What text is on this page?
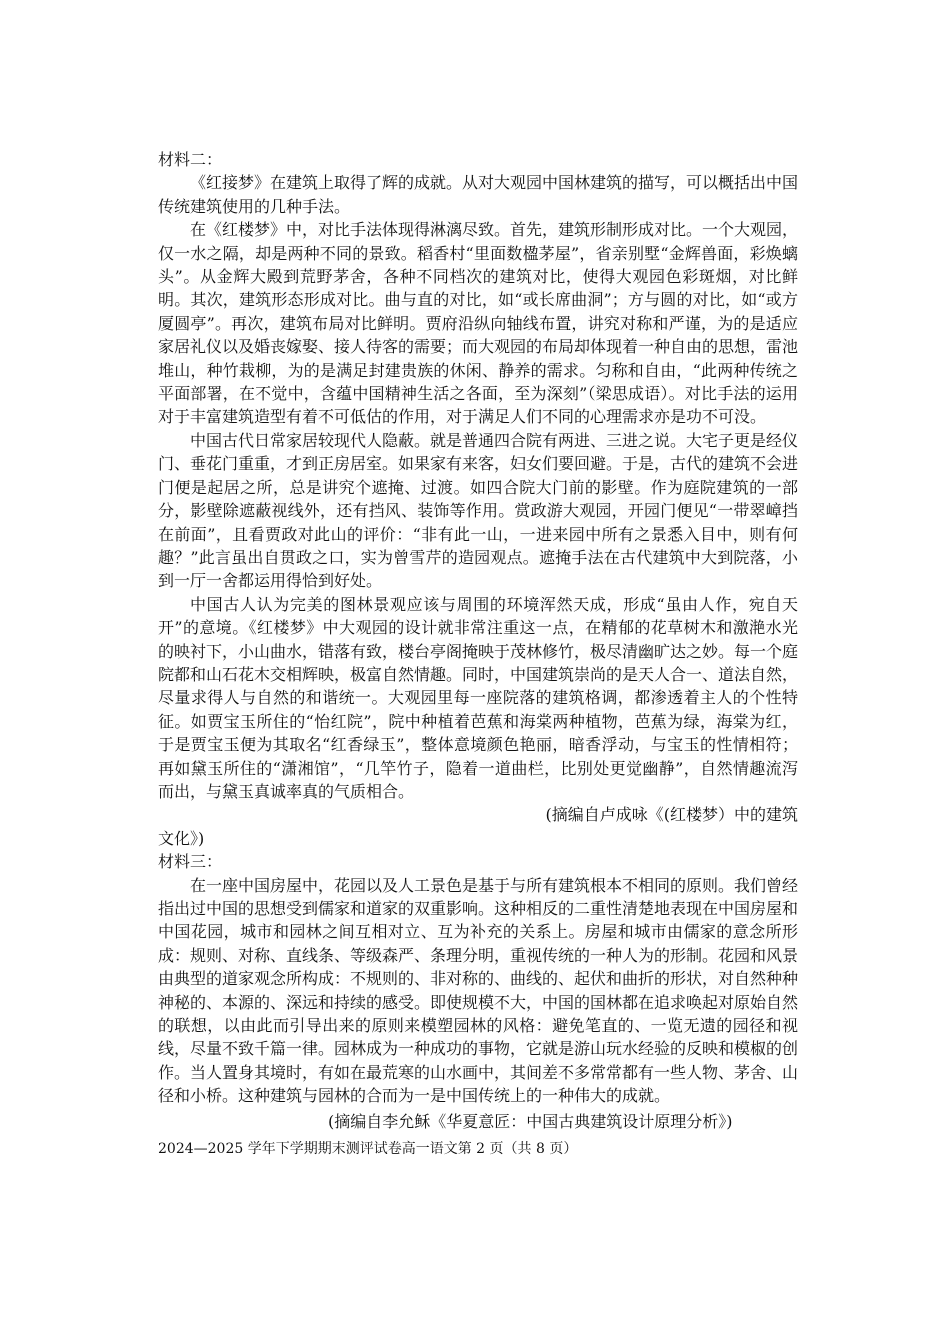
材料二：

《红接梦》在建筑上取得了辉的成就。从对大观园中国林建筑的描写，可以概括出中国传统建筑使用的几种手法。

在《红楼梦》中，对比手法体现得淋漓尽致。首先，建筑形制形成对比。一个大观园，仅一水之隔，却是两种不同的景致。稻香村“里面数楹茅屋”，省亲别墅“金辉兽面，彩焕螭头”。从金辉大殿到荒野茅舍，各种不同档次的建筑对比，使得大观园色彩斑烟，对比鲜明。其次，建筑形态形成对比。曲与直的对比，如“或长席曲洞”；方与圆的对比，如“或方厦圆亭”。再次，建筑布局对比鲜明。贾府沿纵向轴线布置，讲究对称和严谨，为的是适应家居礼仪以及婚丧嫁娶、接人待客的需要；而大观园的布局却体现着一种自由的思想，雷池堆山，种竹栽柳，为的是满足封建贵族的休闲、静养的需求。匀称和自由，“此两种传统之平面部署，在不觉中，含蕴中国精神生活之各面，至为深刻”（梁思成语）。对比手法的运用对于丰富建筑造型有着不可低估的作用，对于满足人们不同的心理需求亦是功不可没。

中国古代日常家居较现代人隐蔽。就是普通四合院有两进、三进之说。大宅子更是经仪门、垂花门重重，才到正房居室。如果家有来客，妇女们要回避。于是，古代的建筑不会进门便是起居之所，总是讲究个遮掩、过渡。如四合院大门前的影壁。作为庭院建筑的一部分，影壁除遮蔽视线外，还有挡风、装饰等作用。赏政游大观园，开园门便见“一带翠嶂挡在前面”，且看贾政对此山的评价：“非有此一山，一进来园中所有之景悉入目中，则有何趣？”此言虽出自贯政之口，实为曾雪芹的造园观点。遮掩手法在古代建筑中大到院落，小到一厅一舍都运用得恰到好处。

中国古人认为完美的图林景观应该与周围的环境浑然天成，形成“虽由人作，宛自天开”的意境。《红楼梦》中大观园的设计就非常注重这一点，在精郁的花草树木和激滟水光的映衬下，小山曲水，错落有致，楼台亭阁掩映于茂林修竹，极尽清幽旷达之妙。每一个庭院都和山石花木交相辉映，极富自然情趣。同时，中国建筑崇尚的是天人合一、道法自然，尽量求得人与自然的和谐统一。大观园里每一座院落的建筑格调，都渗透着主人的个性特征。如贾宝玉所住的“怡红院”，院中种植着芭蕉和海棠两种植物，芭蕉为绿，海棠为红，于是贾宝玉便为其取名“红香绿玉”，整体意境颜色艳丽，暗香浮动，与宝玉的性情相符；再如黛玉所住的“潇湘馆”，“几竿竹子，隐着一道曲栏，比别处更觉幽静”，自然情趣流泻而出，与黛玉真诚率真的气质相合。

(摘编自卢成咏《(红楼梦）中的建筑

文化》)

材料三：

在一座中国房屋中，花园以及人工景色是基于与所有建筑根本不相同的原则。我们曾经指出过中国的思想受到儒家和道家的双重影响。这种相反的二重性清楚地表现在中国房屋和中国花园，城市和园林之间互相对立、互为补充的关系上。房屋和城市由儒家的意念所形成：规则、对称、直线条、等级森严、条理分明，重视传统的一种人为的形制。花园和风景由典型的道家观念所构成：不规则的、非对称的、曲线的、起伏和曲折的形状，对自然种种神秘的、本源的、深远和持续的感受。即使规模不大，中国的国林都在追求唤起对原始自然的联想，以由此而引导出来的原则来模塑园林的风格：避免笔直的、一览无遗的园径和视线，尽量不致千篇一律。园林成为一种成功的事物，它就是游山玩水经验的反映和模椒的创作。当人置身其境时，有如在最荒寒的山水画中，其间差不多常常都有一些人物、茅舍、山径和小桥。这种建筑与园林的合而为一是中国传统上的一种伟大的成就。

(摘编自李允稣《华夏意匠：中国古典建筑设计原理分析》)

2024—2025 学年下学期期末测评试卷高一语文第 2 页（共 8 页）
